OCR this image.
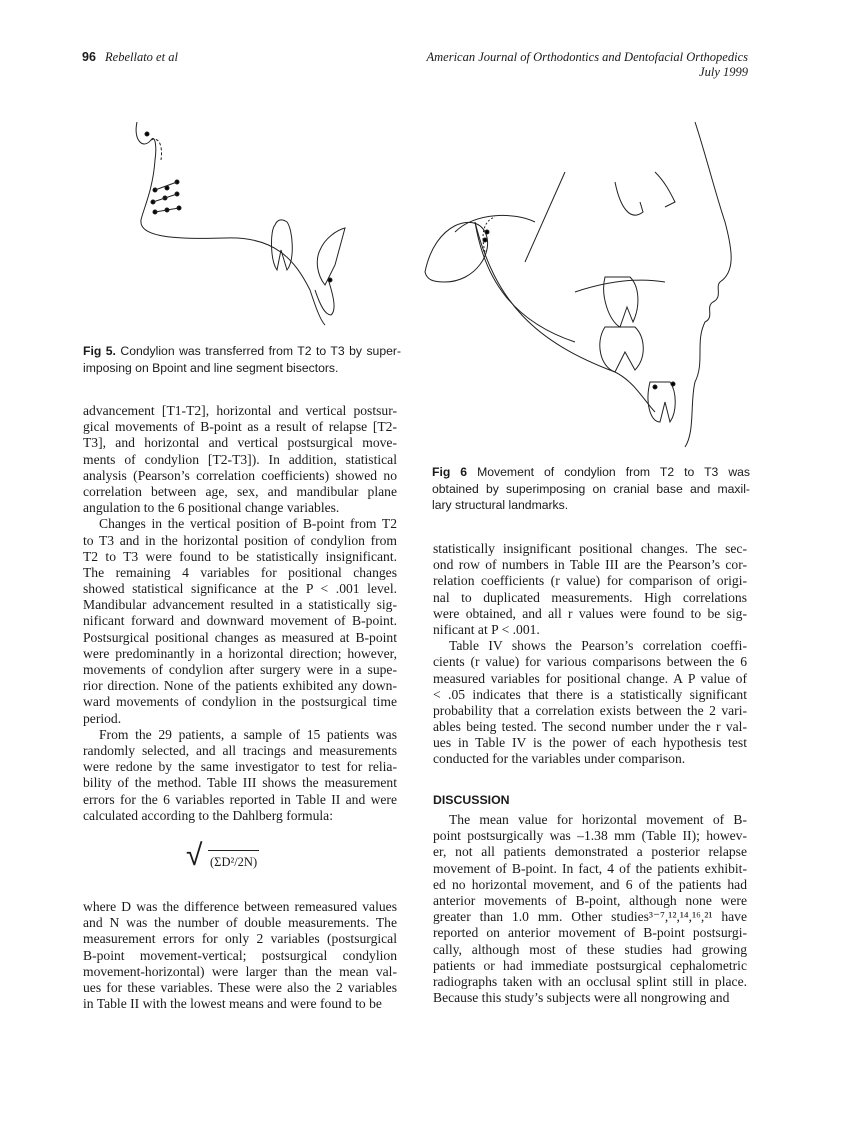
96 Rebellato et al	American Journal of Orthodontics and Dentofacial Orthopedics
July 1999
Fig 5. Condylion was transferred from T2 to T3 by super-
imposing on Bpoint and line segment bisectors.
Fig 6 Movement of condylion from T2 to T3 was
obtained by superimposing on cranial base and maxil-
lary structural landmarks.
advancement [T1-T2], horizontal and vertical postsur-
gical movements of B-point as a result of relapse [T2-
T3], and horizontal and vertical postsurgical move-
ments of condylion [T2-T3]). In addition, statistical
analysis (Pearson’s correlation coefficients) showed no
correlation between age, sex, and mandibular plane
angulation to the 6 positional change variables.
Changes in the vertical position of B-point from T2
to T3 and in the horizontal position of condylion from
T2 to T3 were found to be statistically insignificant.
The remaining 4 variables for positional changes
showed statistical significance at the P < .001 level.
Mandibular advancement resulted in a statistically sig-
nificant forward and downward movement of B-point.
Postsurgical positional changes as measured at B-point
were predominantly in a horizontal direction; however,
movements of condylion after surgery were in a supe-
rior direction. None of the patients exhibited any down-
ward movements of condylion in the postsurgical time
period.
From the 29 patients, a sample of 15 patients was
randomly selected, and all tracings and measurements
were redone by the same investigator to test for relia-
bility of the method. Table III shows the measurement
errors for the 6 variables reported in Table II and were
calculated according to the Dahlberg formula:
√ (ΣD²/2N)
where D was the difference between remeasured values
and N was the number of double measurements. The
measurement errors for only 2 variables (postsurgical
B-point movement-vertical; postsurgical condylion
movement-horizontal) were larger than the mean val-
ues for these variables. These were also the 2 variables
in Table II with the lowest means and were found to be
statistically insignificant positional changes. The sec-
ond row of numbers in Table III are the Pearson’s cor-
relation coefficients (r value) for comparison of origi-
nal to duplicated measurements. High correlations
were obtained, and all r values were found to be sig-
nificant at P < .001.
Table IV shows the Pearson’s correlation coeffi-
cients (r value) for various comparisons between the 6
measured variables for positional change. A P value of
< .05 indicates that there is a statistically significant
probability that a correlation exists between the 2 vari-
ables being tested. The second number under the r val-
ues in Table IV is the power of each hypothesis test
conducted for the variables under comparison.
DISCUSSION
The mean value for horizontal movement of B-
point postsurgically was –1.38 mm (Table II); howev-
er, not all patients demonstrated a posterior relapse
movement of B-point. In fact, 4 of the patients exhibit-
ed no horizontal movement, and 6 of the patients had
anterior movements of B-point, although none were
greater than 1.0 mm. Other studies³⁻⁷,¹²,¹⁴,¹⁶,²¹ have
reported on anterior movement of B-point postsurgi-
cally, although most of these studies had growing
patients or had immediate postsurgical cephalometric
radiographs taken with an occlusal splint still in place.
Because this study’s subjects were all nongrowing and
